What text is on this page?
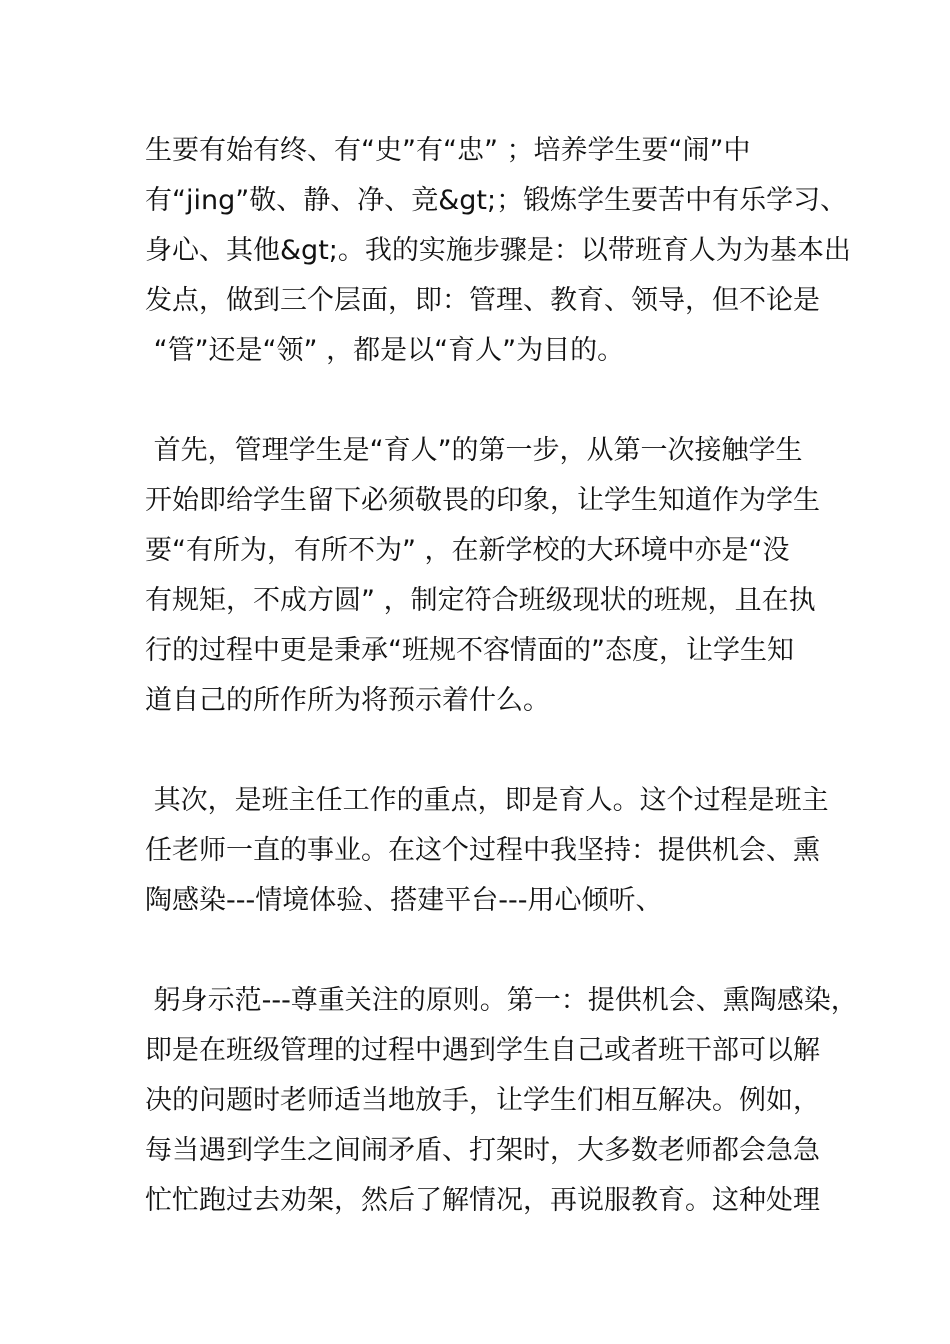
生要有始有终、有“史”有“忠” ；培养学生要“闹”中
有“jing”敬、静、净、竞&gt;；锻炼学生要苦中有乐学习、
身心、其他&gt;。我的实施步骤是：以带班育人为为基本出
发点，做到三个层面，即：管理、教育、领导，但不论是
“管”还是“领” ，都是以“育人”为目的。

首先，管理学生是“育人”的第一步，从第一次接触学生
开始即给学生留下必须敬畏的印象，让学生知道作为学生
要“有所为，有所不为” ，在新学校的大环境中亦是“没
有规矩，不成方圆” ，制定符合班级现状的班规，且在执
行的过程中更是秉承“班规不容情面的”态度，让学生知
道自己的所作所为将预示着什么。

其次，是班主任工作的重点，即是育人。这个过程是班主
任老师一直的事业。在这个过程中我坚持：提供机会、熏
陶感染---情境体验、搭建平台---用心倾听、

躬身示范---尊重关注的原则。第一：提供机会、熏陶感染，
即是在班级管理的过程中遇到学生自己或者班干部可以解
决的问题时老师适当地放手，让学生们相互解决。例如，
每当遇到学生之间闹矛盾、打架时，大多数老师都会急急
忙忙跑过去劝架，然后了解情况，再说服教育。这种处理
